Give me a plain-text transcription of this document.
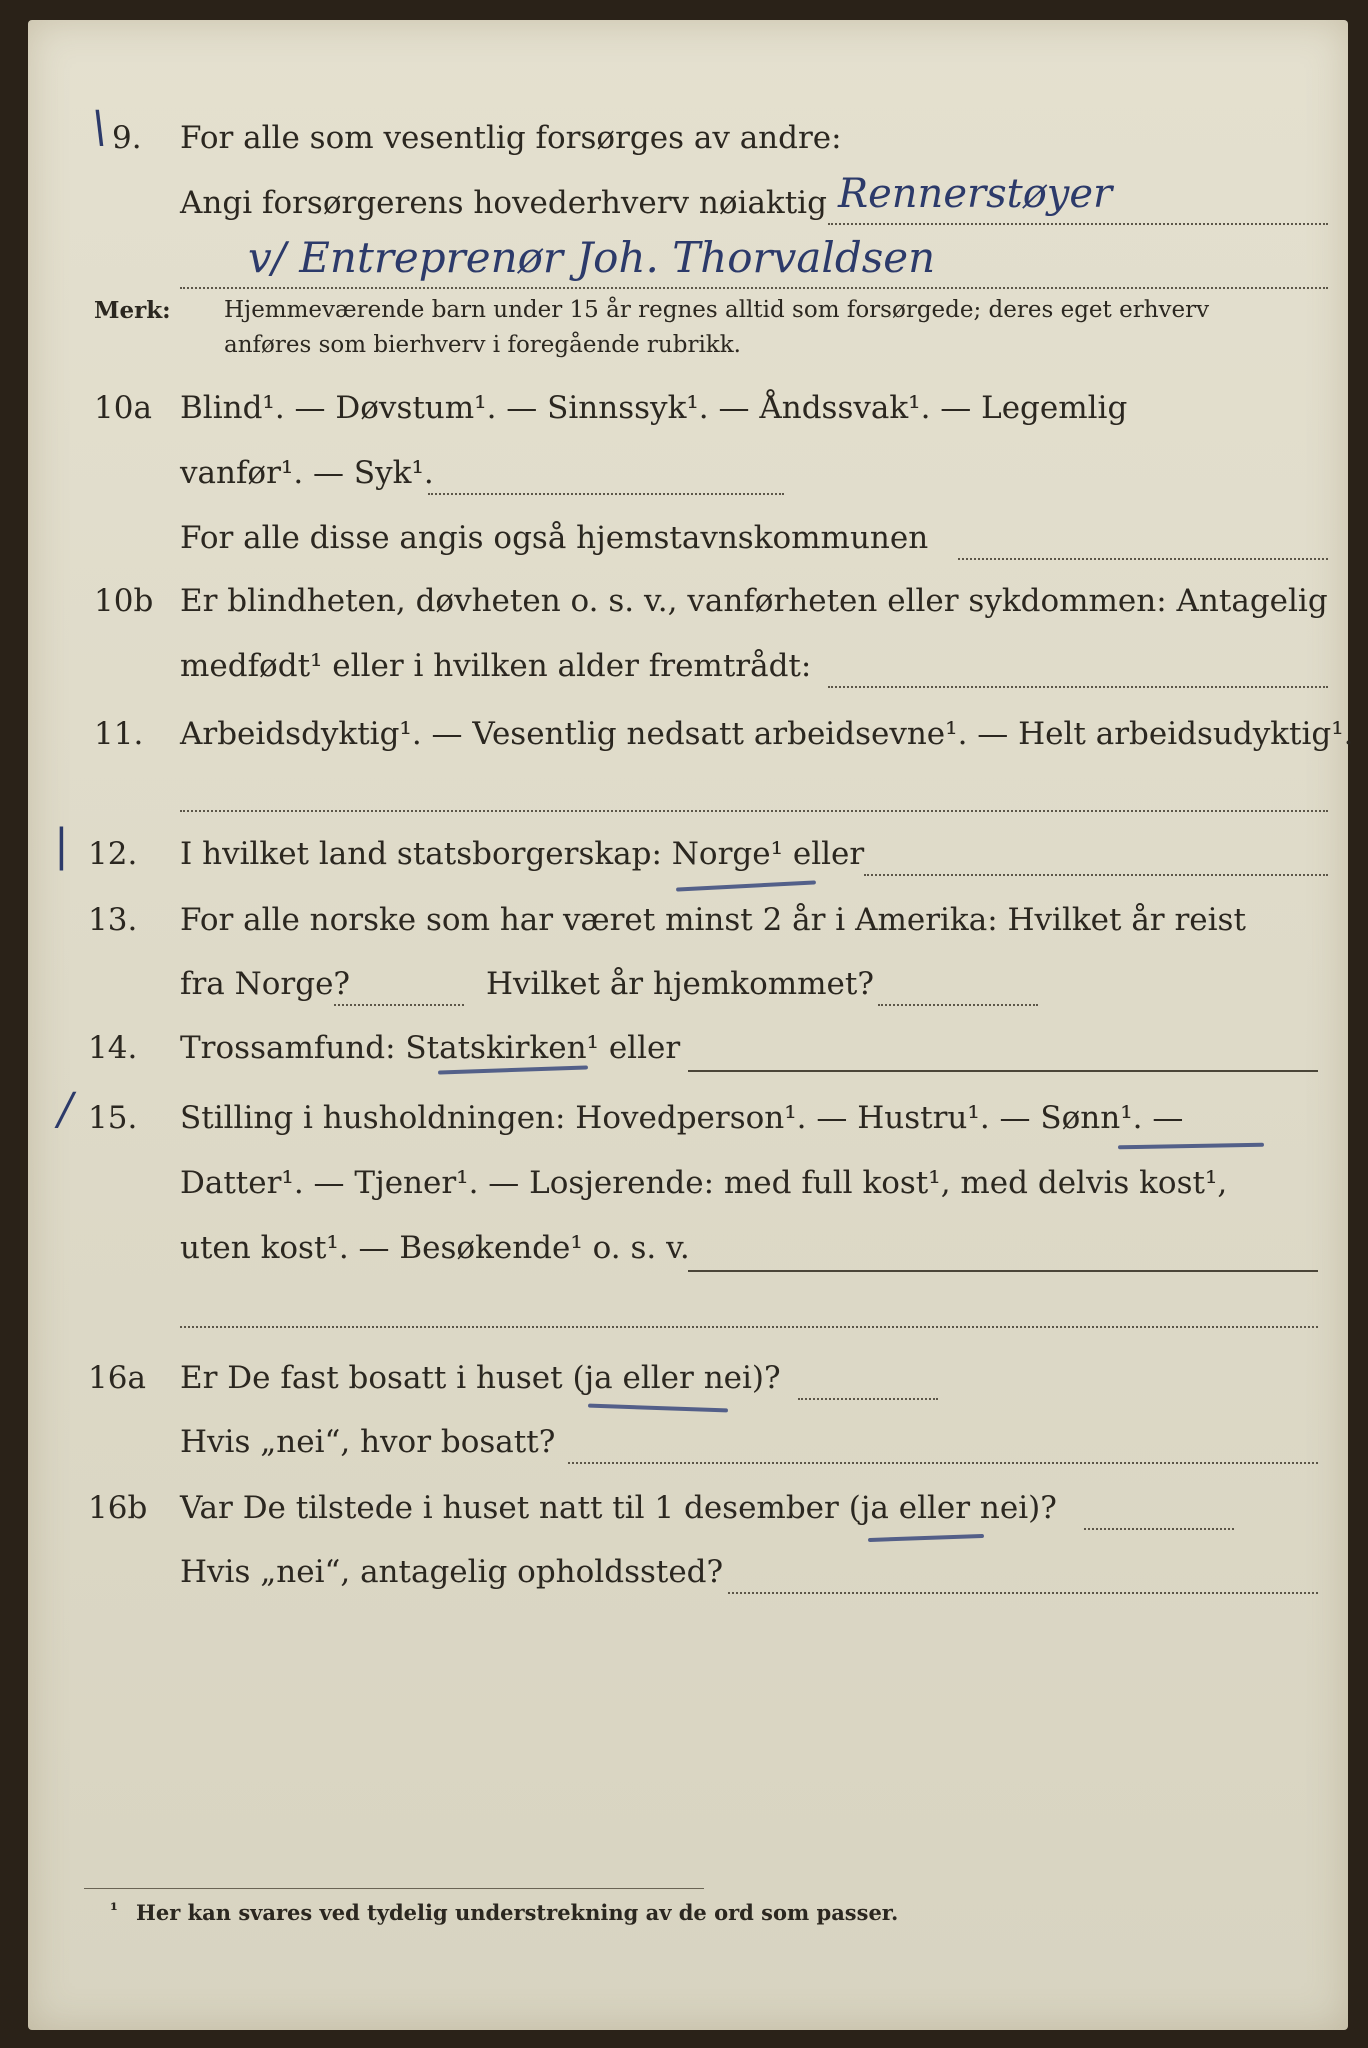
\ 9.	For alle som vesentlig forsørges av andre:
Angi forsørgerens hovederhverv nøiaktig Rennerstøyer
v/ Entreprenør Joh. Thorvaldsen
Merk: Hjemmeværende barn under 15 år regnes alltid som forsørgede; deres eget erhverv
anføres som bierhverv i foregående rubrikk.
10a Blind¹. — Døvstum¹. — Sinnssyk¹. — Åndssvak¹. — Legemlig
vanfør¹. — Syk¹.
For alle disse angis også hjemstavnskommunen
10b Er blindheten, døvheten o. s. v., vanførheten eller sykdommen: Antagelig
medfødt¹ eller i hvilken alder fremtrådt:
11.	Arbeidsdyktig¹. — Vesentlig nedsatt arbeidsevne¹. — Helt arbeidsudyktig¹.
| 12.	I hvilket land statsborgerskap: Norge¹ eller
13.	For alle norske som har været minst 2 år i Amerika: Hvilket år reist
fra Norge?	Hvilket år hjemkommet?
14.	Trossamfund: Statskirken¹ eller
/ 15.	Stilling i husholdningen: Hovedperson¹. — Hustru¹. — Sønn¹. —
Datter¹. — Tjener¹. — Losjerende: med full kost¹, med delvis kost¹,
uten kost¹. — Besøkende¹ o. s. v.
16a	Er De fast bosatt i huset (ja eller nei)?
Hvis „nei“, hvor bosatt?
16b	Var De tilstede i huset natt til 1 desember (ja eller nei)?
Hvis „nei“, antagelig opholdssted?
¹ Her kan svares ved tydelig understrekning av de ord som passer.
